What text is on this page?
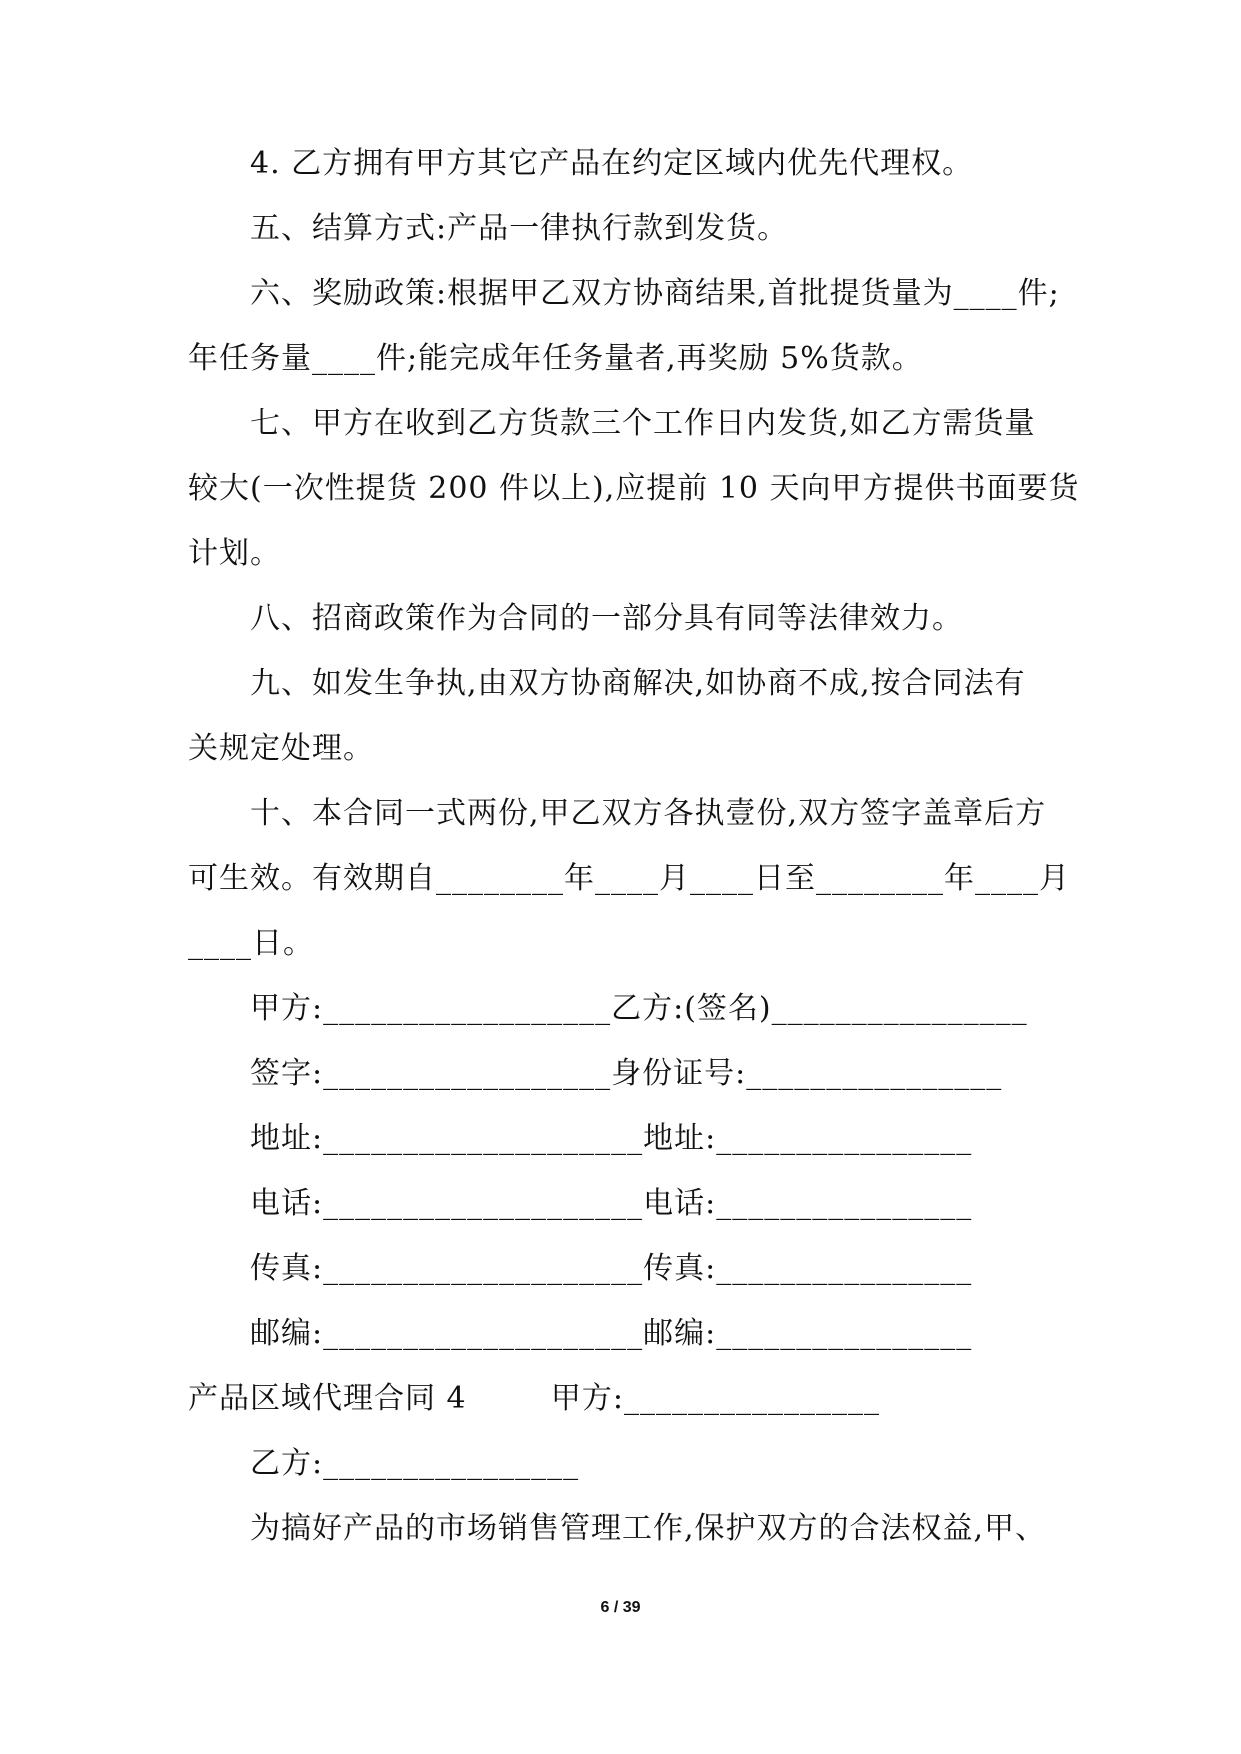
4. 乙方拥有甲方其它产品在约定区域内优先代理权。
五、结算方式:产品一律执行款到发货。
六、奖励政策:根据甲乙双方协商结果,首批提货量为____件;
年任务量____件;能完成年任务量者,再奖励 5%货款。
七、甲方在收到乙方货款三个工作日内发货,如乙方需货量
较大(一次性提货 200 件以上),应提前 10 天向甲方提供书面要货
计划。
八、招商政策作为合同的一部分具有同等法律效力。
九、如发生争执,由双方协商解决,如协商不成,按合同法有
关规定处理。
十、本合同一式两份,甲乙双方各执壹份,双方签字盖章后方
可生效。有效期自________年____月____日至________年____月
____日。
甲方:__________________乙方:(签名)________________
签字:__________________身份证号:________________
地址:____________________地址:________________
电话:____________________电话:________________
传真:____________________传真:________________
邮编:____________________邮编:________________
产品区域代理合同 4        甲方:________________
乙方:________________
为搞好产品的市场销售管理工作,保护双方的合法权益,甲、
6 / 39
